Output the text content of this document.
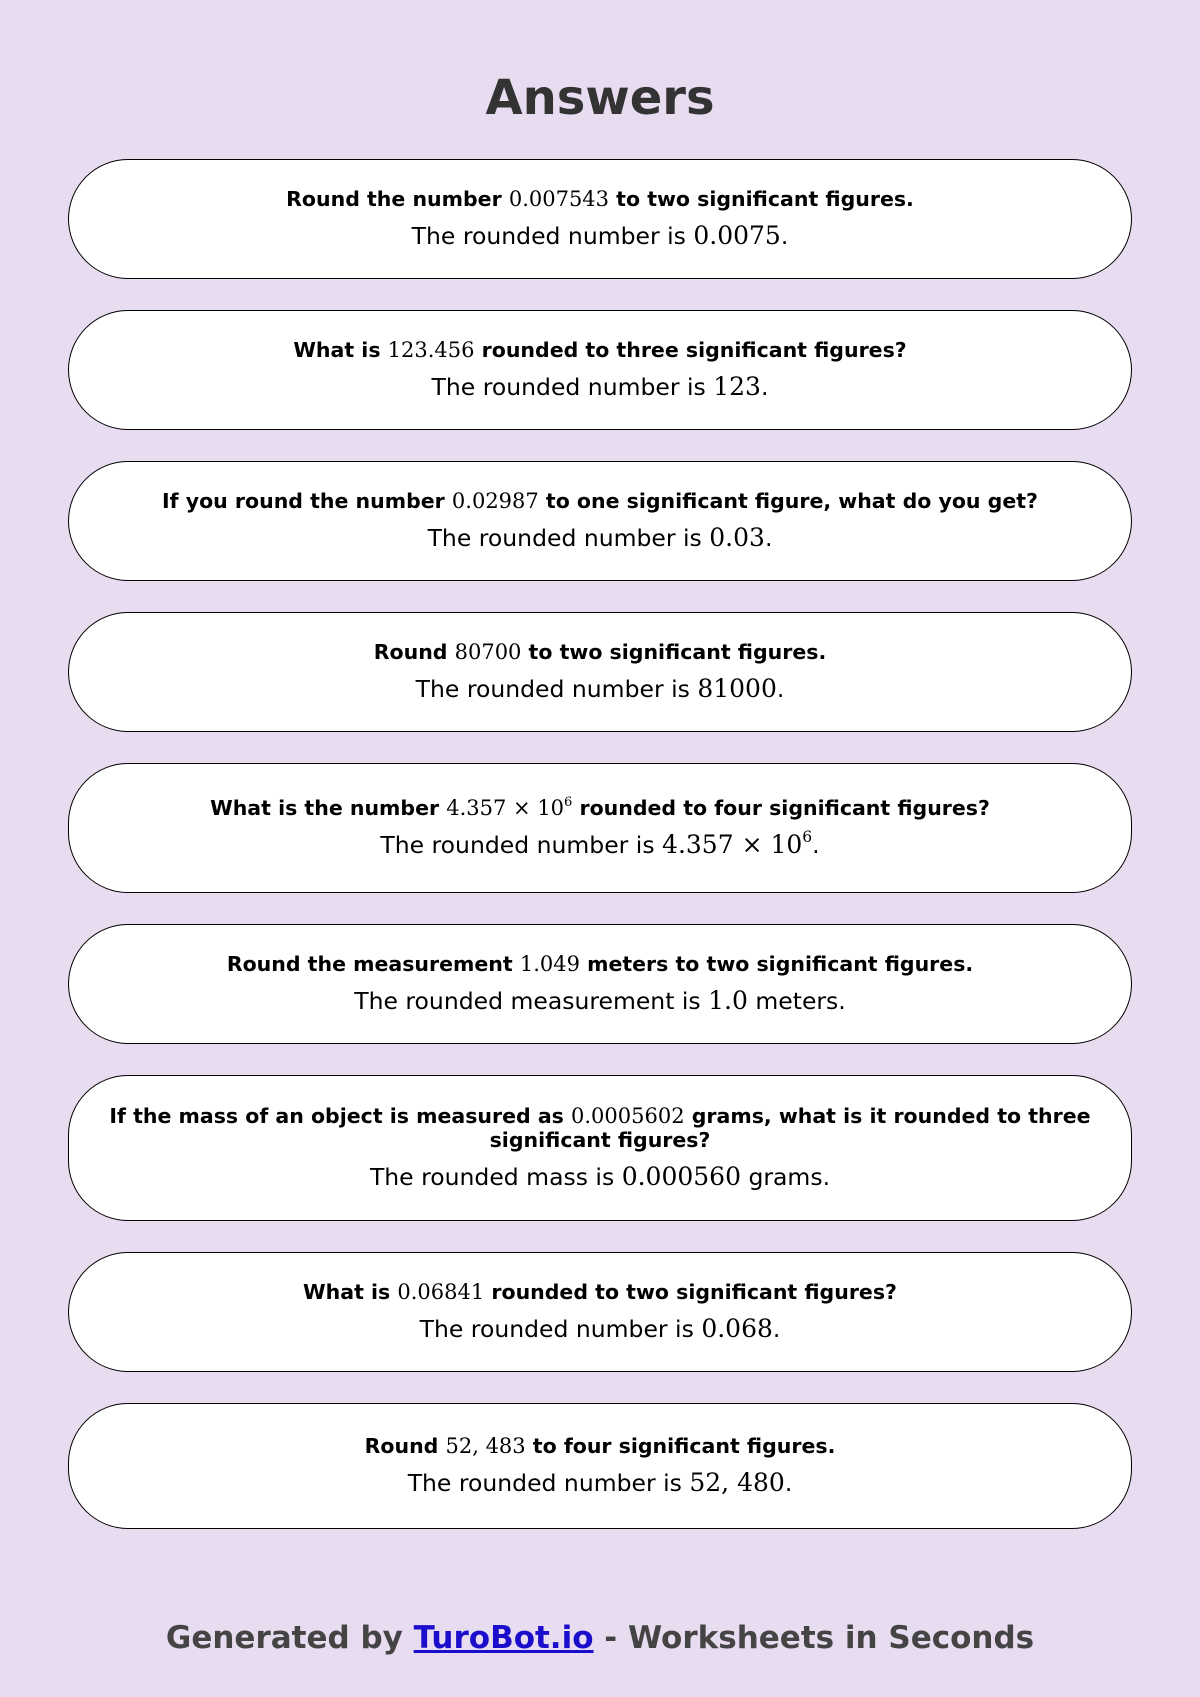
Answers

Round the number 0.007543 to two significant figures.

The rounded number is 0.0075.

What is 123.456 rounded to three significant figures?

The rounded number is 123.

If you round the number 0.02987 to one significant figure, what do you get?

The rounded number is 0.03.

Round 80700 to two significant figures.

The rounded number is 81000.

What is the number $4.357 \times 10^6$ rounded to four significant figures?

The rounded number is $4.357 \times 10^6$.

Round the measurement 1.049 meters to two significant figures.

The rounded measurement is 1.0 meters.

If the mass of an object is measured as 0.0005602 grams, what is it rounded to three significant figures?

The rounded mass is 0.000560 grams.

What is 0.06841 rounded to two significant figures?

The rounded number is 0.068.

Round 52, 483 to four significant figures.

The rounded number is 52, 480.

Generated by TuroBot.io - Worksheets in Seconds
